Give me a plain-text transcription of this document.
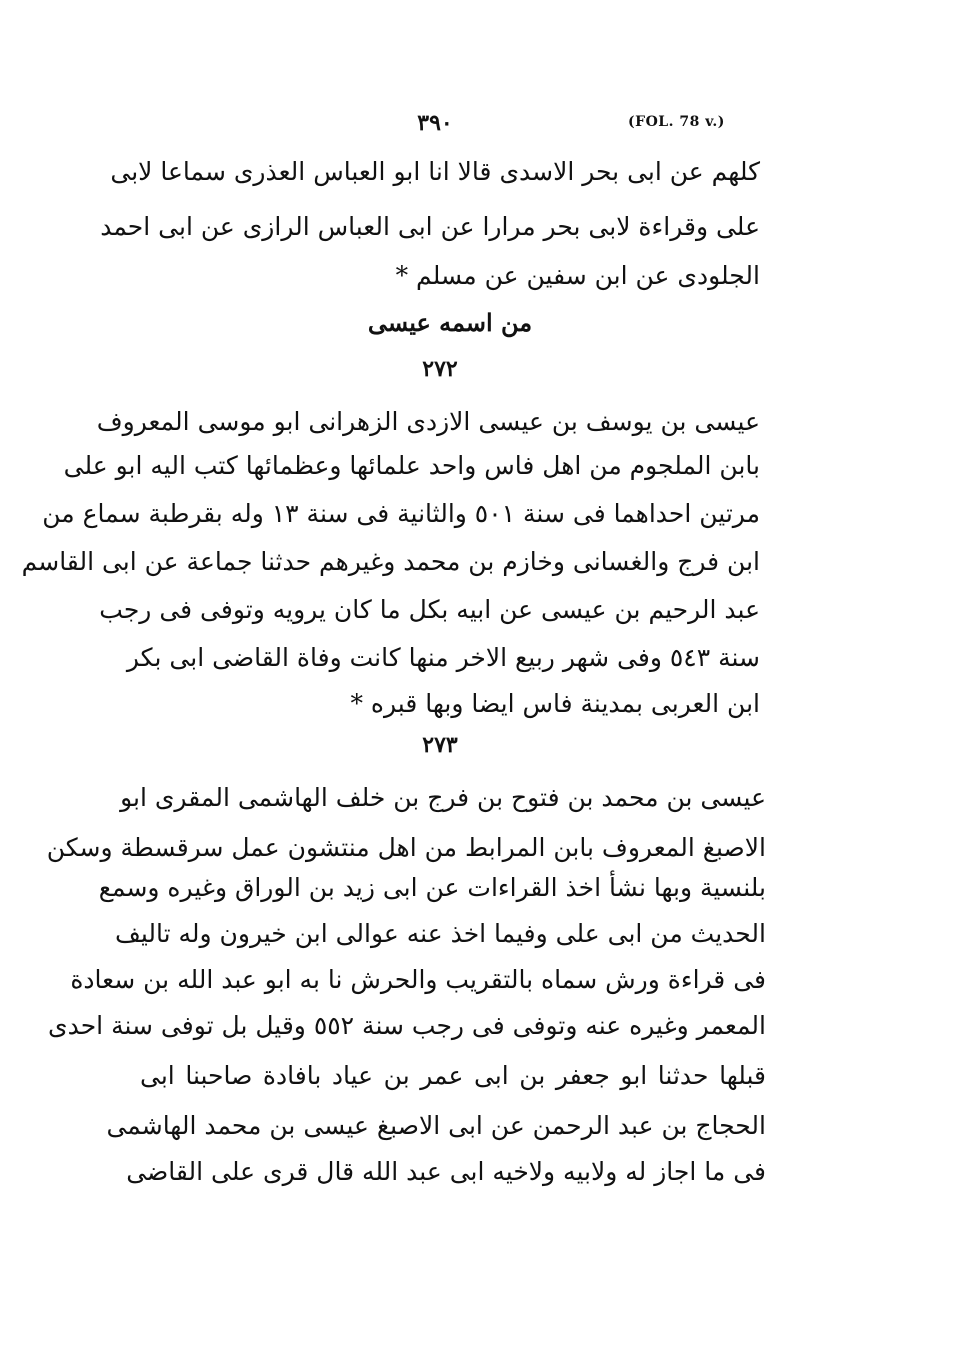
٣٩٠	(FOL. 78 v.)
كلهم عن ابى بحر الاسدى قالا انا ابو العباس العذرى سماعا لابى
على وقراءة لابى بحر مرارا عن ابى العباس الرازى عن ابى احمد
الجلودى عن ابن سفين عن مسلم *
من اسمه عيسى
٢٧٢
عيسى بن يوسف بن عيسى الازدى الزهرانى ابو موسى المعروف
بابن الملجوم من اهل فاس واحد علمائها وعظمائها كتب اليه ابو على
مرتين احداهما فى سنة ٥٠١ والثانية فى سنة ١٣ وله بقرطبة سماع من
ابن فرج والغسانى وخازم بن محمد وغيرهم حدثنا جماعة عن ابى القاسم
عبد الرحيم بن عيسى عن ابيه بكل ما كان يرويه وتوفى فى رجب
سنة ٥٤٣ وفى شهر ربيع الاخر منها كانت وفاة القاضى ابى بكر
ابن العربى بمدينة فاس ايضا وبها قبره *
٢٧٣
عيسى بن محمد بن فتوح بن فرج بن خلف الهاشمى المقرى ابو
الاصبغ المعروف بابن المرابط من اهل منتشون عمل سرقسطة وسكن
بلنسية وبها نشأ اخذ القراءات عن ابى زيد بن الوراق وغيره وسمع
الحديث من ابى على وفيما اخذ عنه عوالى ابن خيرون وله تاليف
فى قراءة ورش سماه بالتقريب والحرش نا به ابو عبد الله بن سعادة
المعمر وغيره عنه وتوفى فى رجب سنة ٥٥٢ وقيل بل توفى سنة احدى
قبلها حدثنا ابو جعفر بن ابى عمر بن عياد بافادة صاحبنا ابى
الحجاج بن عبد الرحمن عن ابى الاصبغ عيسى بن محمد الهاشمى
فى ما اجاز له ولابيه ولاخيه ابى عبد الله قال قرى على القاضى
